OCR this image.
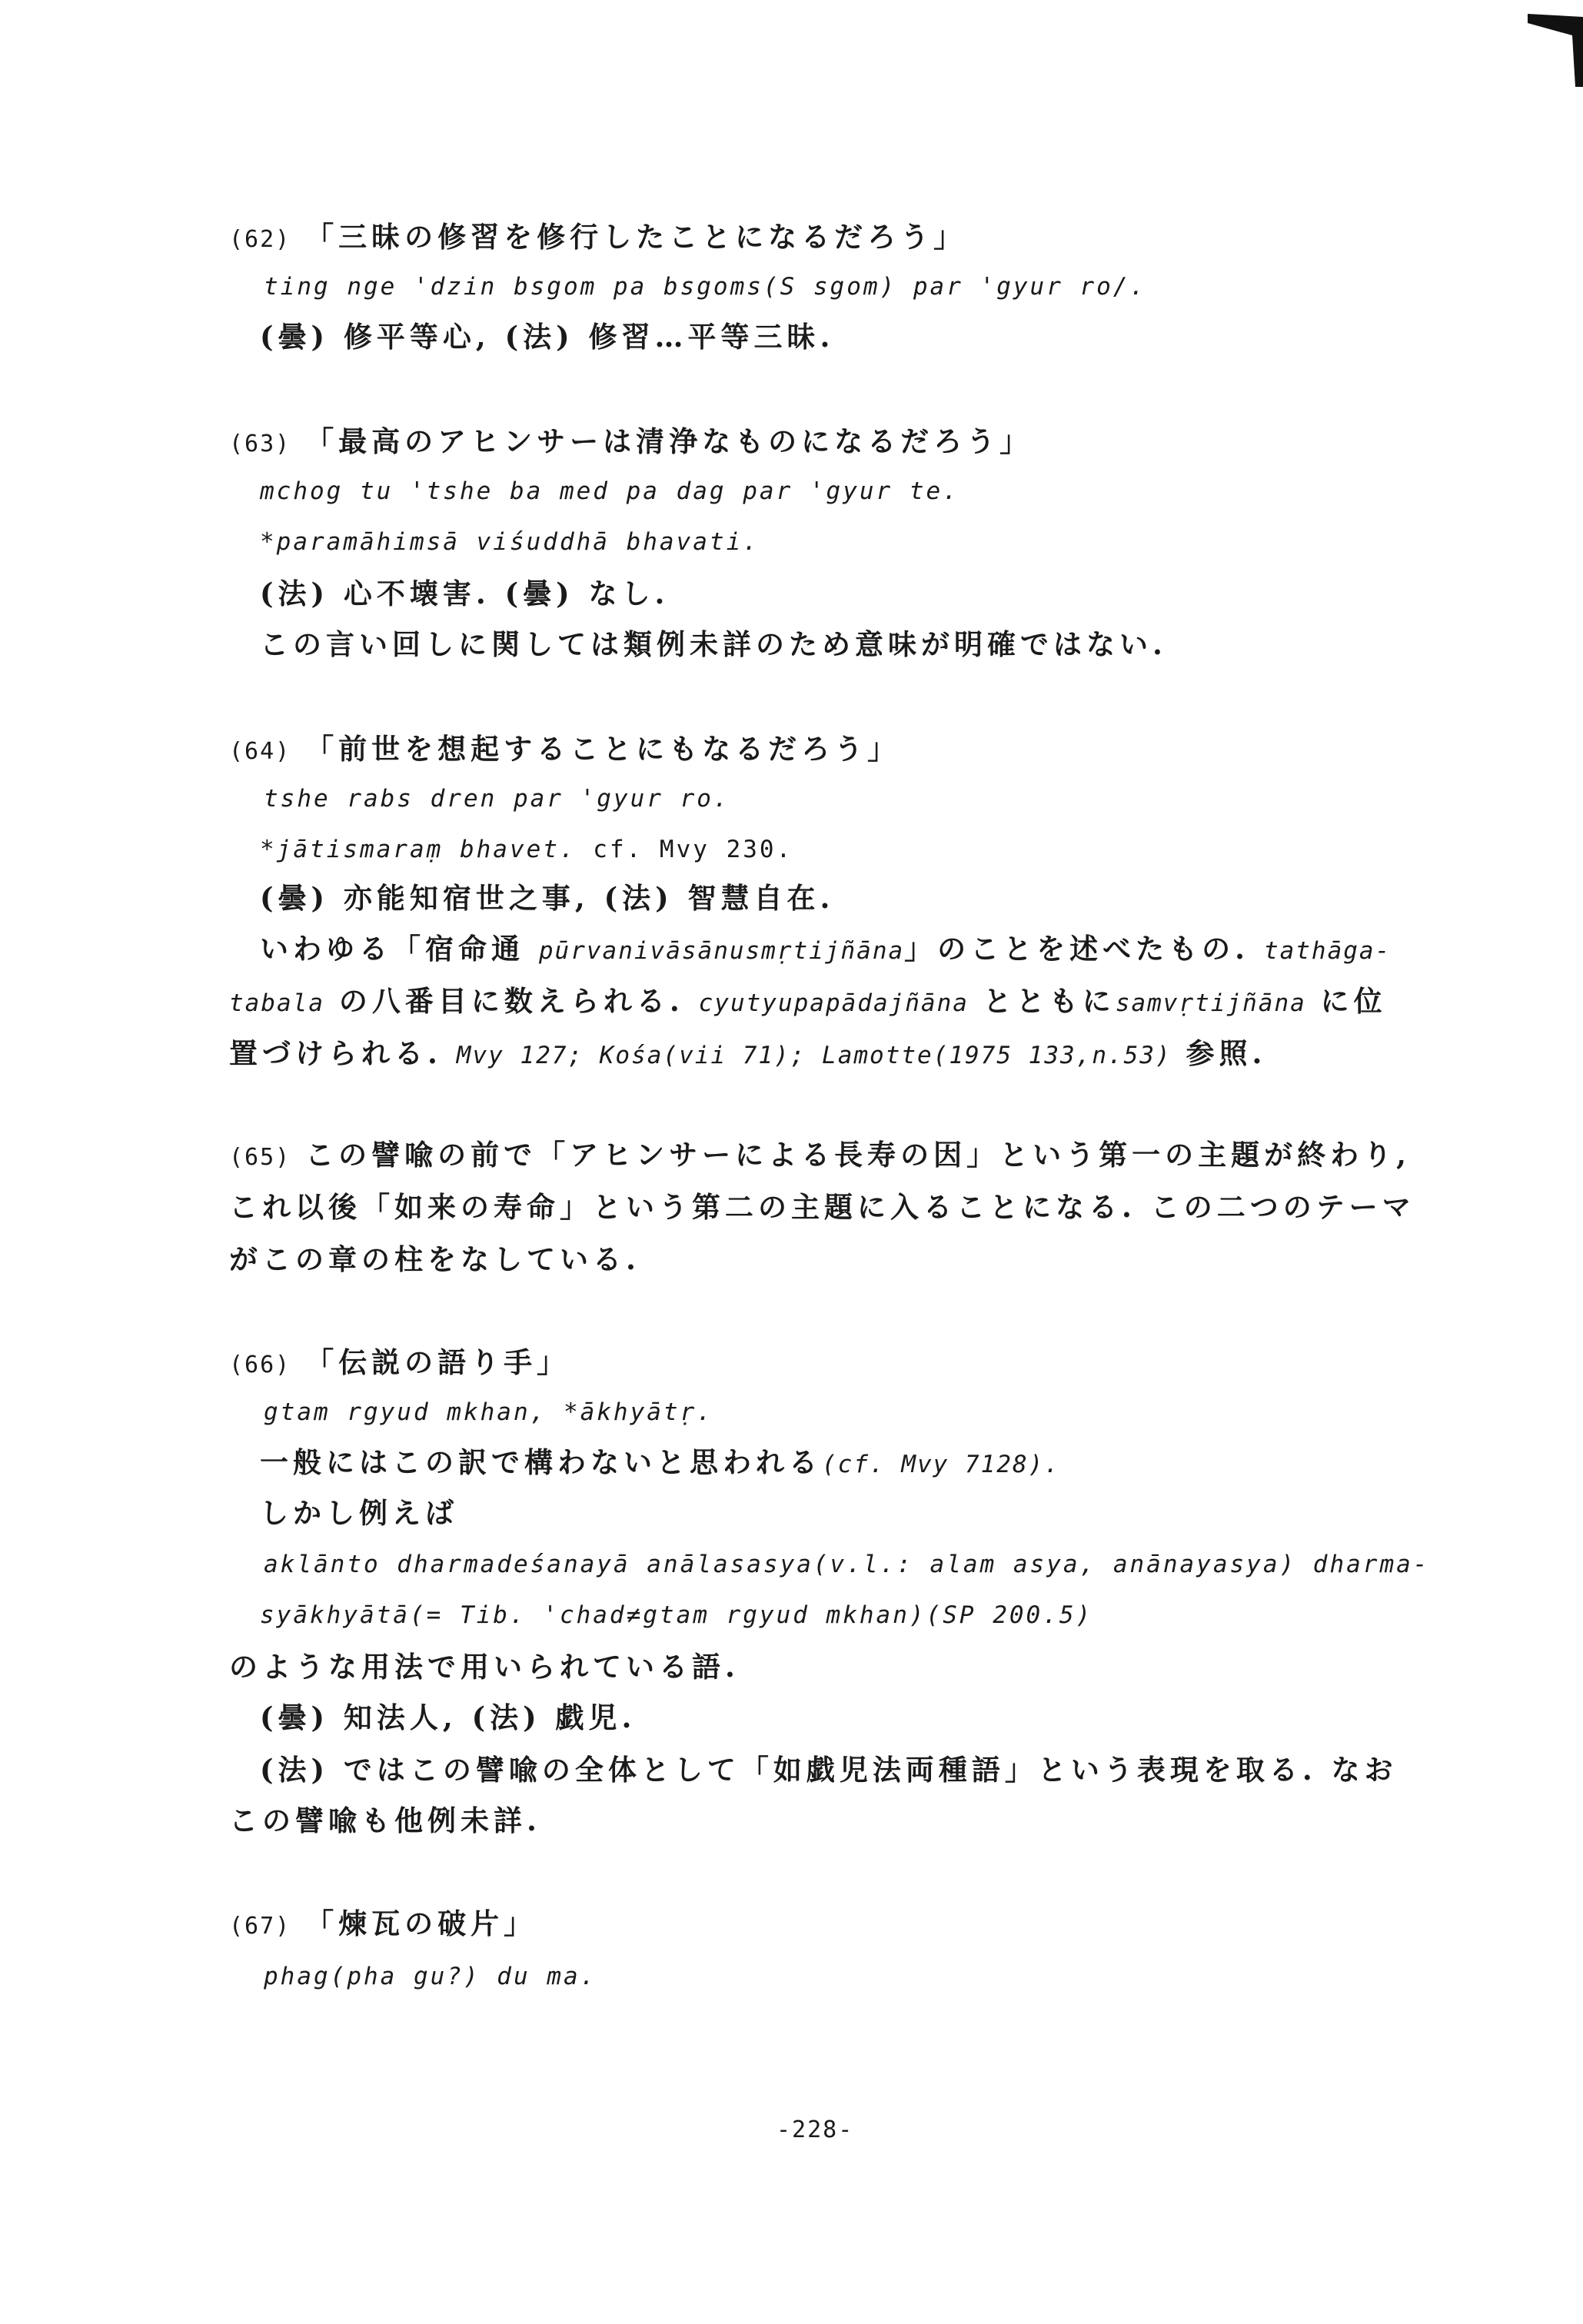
(62) 「三昧の修習を修行したことになるだろう」
ting nge 'dzin bsgom pa bsgoms(S sgom) par 'gyur ro/.
(曇) 修平等心, (法) 修習…平等三昧.
(63) 「最高のアヒンサーは清浄なものになるだろう」
mchog tu 'tshe ba med pa dag par 'gyur te.
*paramāhimsā viśuddhā bhavati.
(法) 心不壊害. (曇) なし.
この言い回しに関しては類例未詳のため意味が明確ではない.
(64) 「前世を想起することにもなるだろう」
tshe rabs dren par 'gyur ro.
*jātismaraṃ bhavet. cf. Mvy 230.
(曇) 亦能知宿世之事, (法) 智慧自在.
いわゆる「宿命通 pūrvanivāsānusmṛtijñāna」のことを述べたもの. tathāga-
tabala の八番目に数えられる. cyutyupapādajñāna とともにsamvṛtijñāna に位
置づけられる. Mvy 127; Kośa(vii 71); Lamotte(1975 133,n.53) 参照.
(65) この譬喩の前で「アヒンサーによる長寿の因」という第一の主題が終わり,
これ以後「如来の寿命」という第二の主題に入ることになる. この二つのテーマ
がこの章の柱をなしている.
(66) 「伝説の語り手」
gtam rgyud mkhan, *ākhyātṛ.
一般にはこの訳で構わないと思われる(cf. Mvy 7128).
しかし例えば
aklānto dharmadeśanayā anālasasya(v.l.: alam asya, anānayasya) dharma-
syākhyātā(= Tib. 'chad≠gtam rgyud mkhan)(SP 200.5)
のような用法で用いられている語.
(曇) 知法人, (法) 戯児.
(法) ではこの譬喩の全体として「如戯児法両種語」という表現を取る. なお
この譬喩も他例未詳.
(67) 「煉瓦の破片」
phag(pha gu?) du ma.
-228-
